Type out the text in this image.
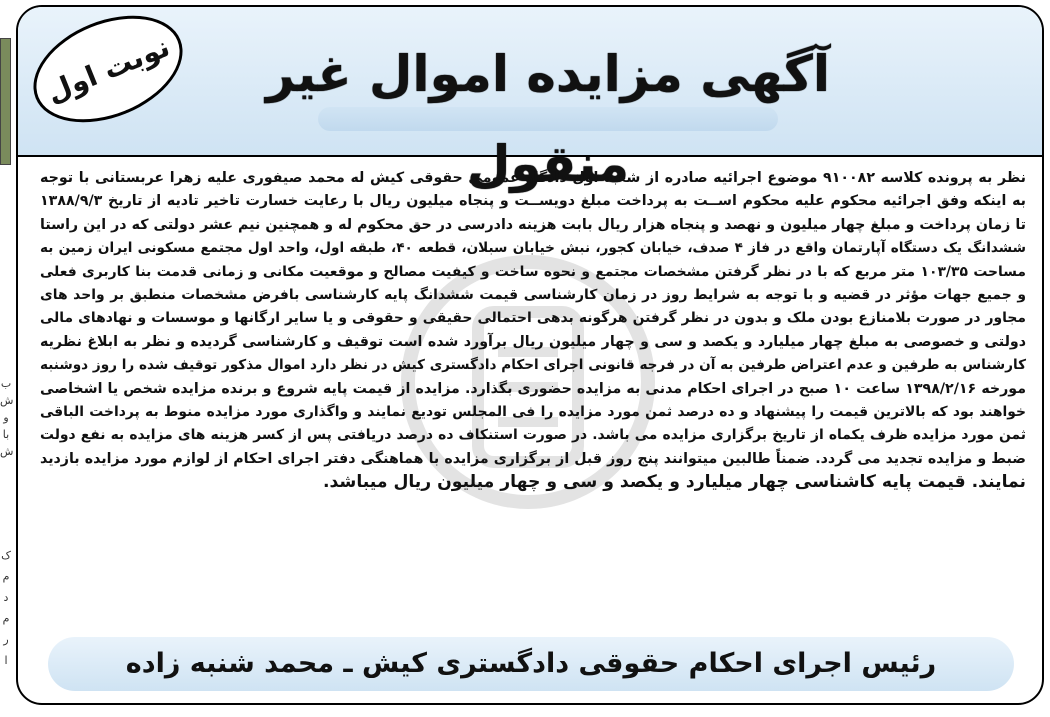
ب
ش
و
با
ش
ک
م
د
م
ر
ا
آگهی مزایده اموال غیر منقول
نوبت اول
نظر به پرونده کلاسه ۹۱۰۰۸۲ موضوع اجرائیه صادره از شعبه اول دادگاه عمومی حقوقی کیش له محمد صیفوری علیه زهرا عربستانی با توجه
به اینکه وفق اجرائیه محکوم علیه محکوم اســت به پرداخت مبلغ دویســت و پنجاه میلیون ریال با رعایت خسارت تاخیر تادیه از تاریخ ۱۳۸۸/۹/۳
تا زمان پرداخت و مبلغ چهار میلیون و نهصد و پنجاه هزار ریال بابت هزینه دادرسی در حق محکوم له و همچنین نیم عشر دولتی که در این راستا
ششدانگ یک دستگاه آپارتمان واقع در فاز ۴ صدف، خیابان کجور، نبش خیابان سبلان، قطعه ۴۰، طبقه اول، واحد اول مجتمع مسکونی ایران زمین به
مساحت ۱۰۳/۳۵ متر مربع که با در نظر گرفتن مشخصات مجتمع و نحوه ساخت و کیفیت مصالح و موقعیت مکانی و زمانی قدمت بنا کاربری فعلی
و جمیع جهات مؤثر در قضیه و با توجه به شرایط روز در زمان کارشناسی قیمت ششدانگ پایه کارشناسی بافرض مشخصات منطبق بر واحد های
مجاور در صورت بلامنازع بودن ملک و بدون در نظر گرفتن هرگونه بدهی احتمالی حقیقی و حقوقی و یا سایر ارگانها و موسسات و نهادهای مالی
دولتی و خصوصی به مبلغ چهار میلیارد و یکصد و سی و چهار میلیون ریال برآورد شده است توقیف و کارشناسی گردیده و نظر به ابلاغ نظریه
کارشناس به طرفین و عدم اعتراض طرفین به آن در فرجه قانونی اجرای احکام دادگستری کیش در نظر دارد اموال مذکور توقیف شده را روز دوشنبه
مورخه ۱۳۹۸/۲/۱۶ ساعت ۱۰ صبح در اجرای احکام مدنی به مزایده حضوری بگذارد. مزایده از قیمت پایه شروع و برنده مزایده شخص یا اشخاصی
خواهند بود که بالاترین قیمت را پیشنهاد و ده درصد ثمن مورد مزایده را فی المجلس تودیع نمایند و واگذاری مورد مزایده منوط به پرداخت الباقی
ثمن مورد مزایده ظرف یکماه از تاریخ برگزاری مزایده می باشد. در صورت استنکاف ده درصد دریافتی پس از کسر هزینه های مزایده به نفع دولت
ضبط و مزایده تجدید می گردد. ضمناً طالبین میتوانند پنج روز قبل از برگزاری مزایده با هماهنگی دفتر اجرای احکام از لوازم مورد مزایده بازدید
نمایند. قیمت پایه کاشناسی چهار میلیارد و یکصد و سی و چهار میلیون ریال میباشد.
رئیس اجرای احکام حقوقی دادگستری کیش ـ محمد شنبه زاده
